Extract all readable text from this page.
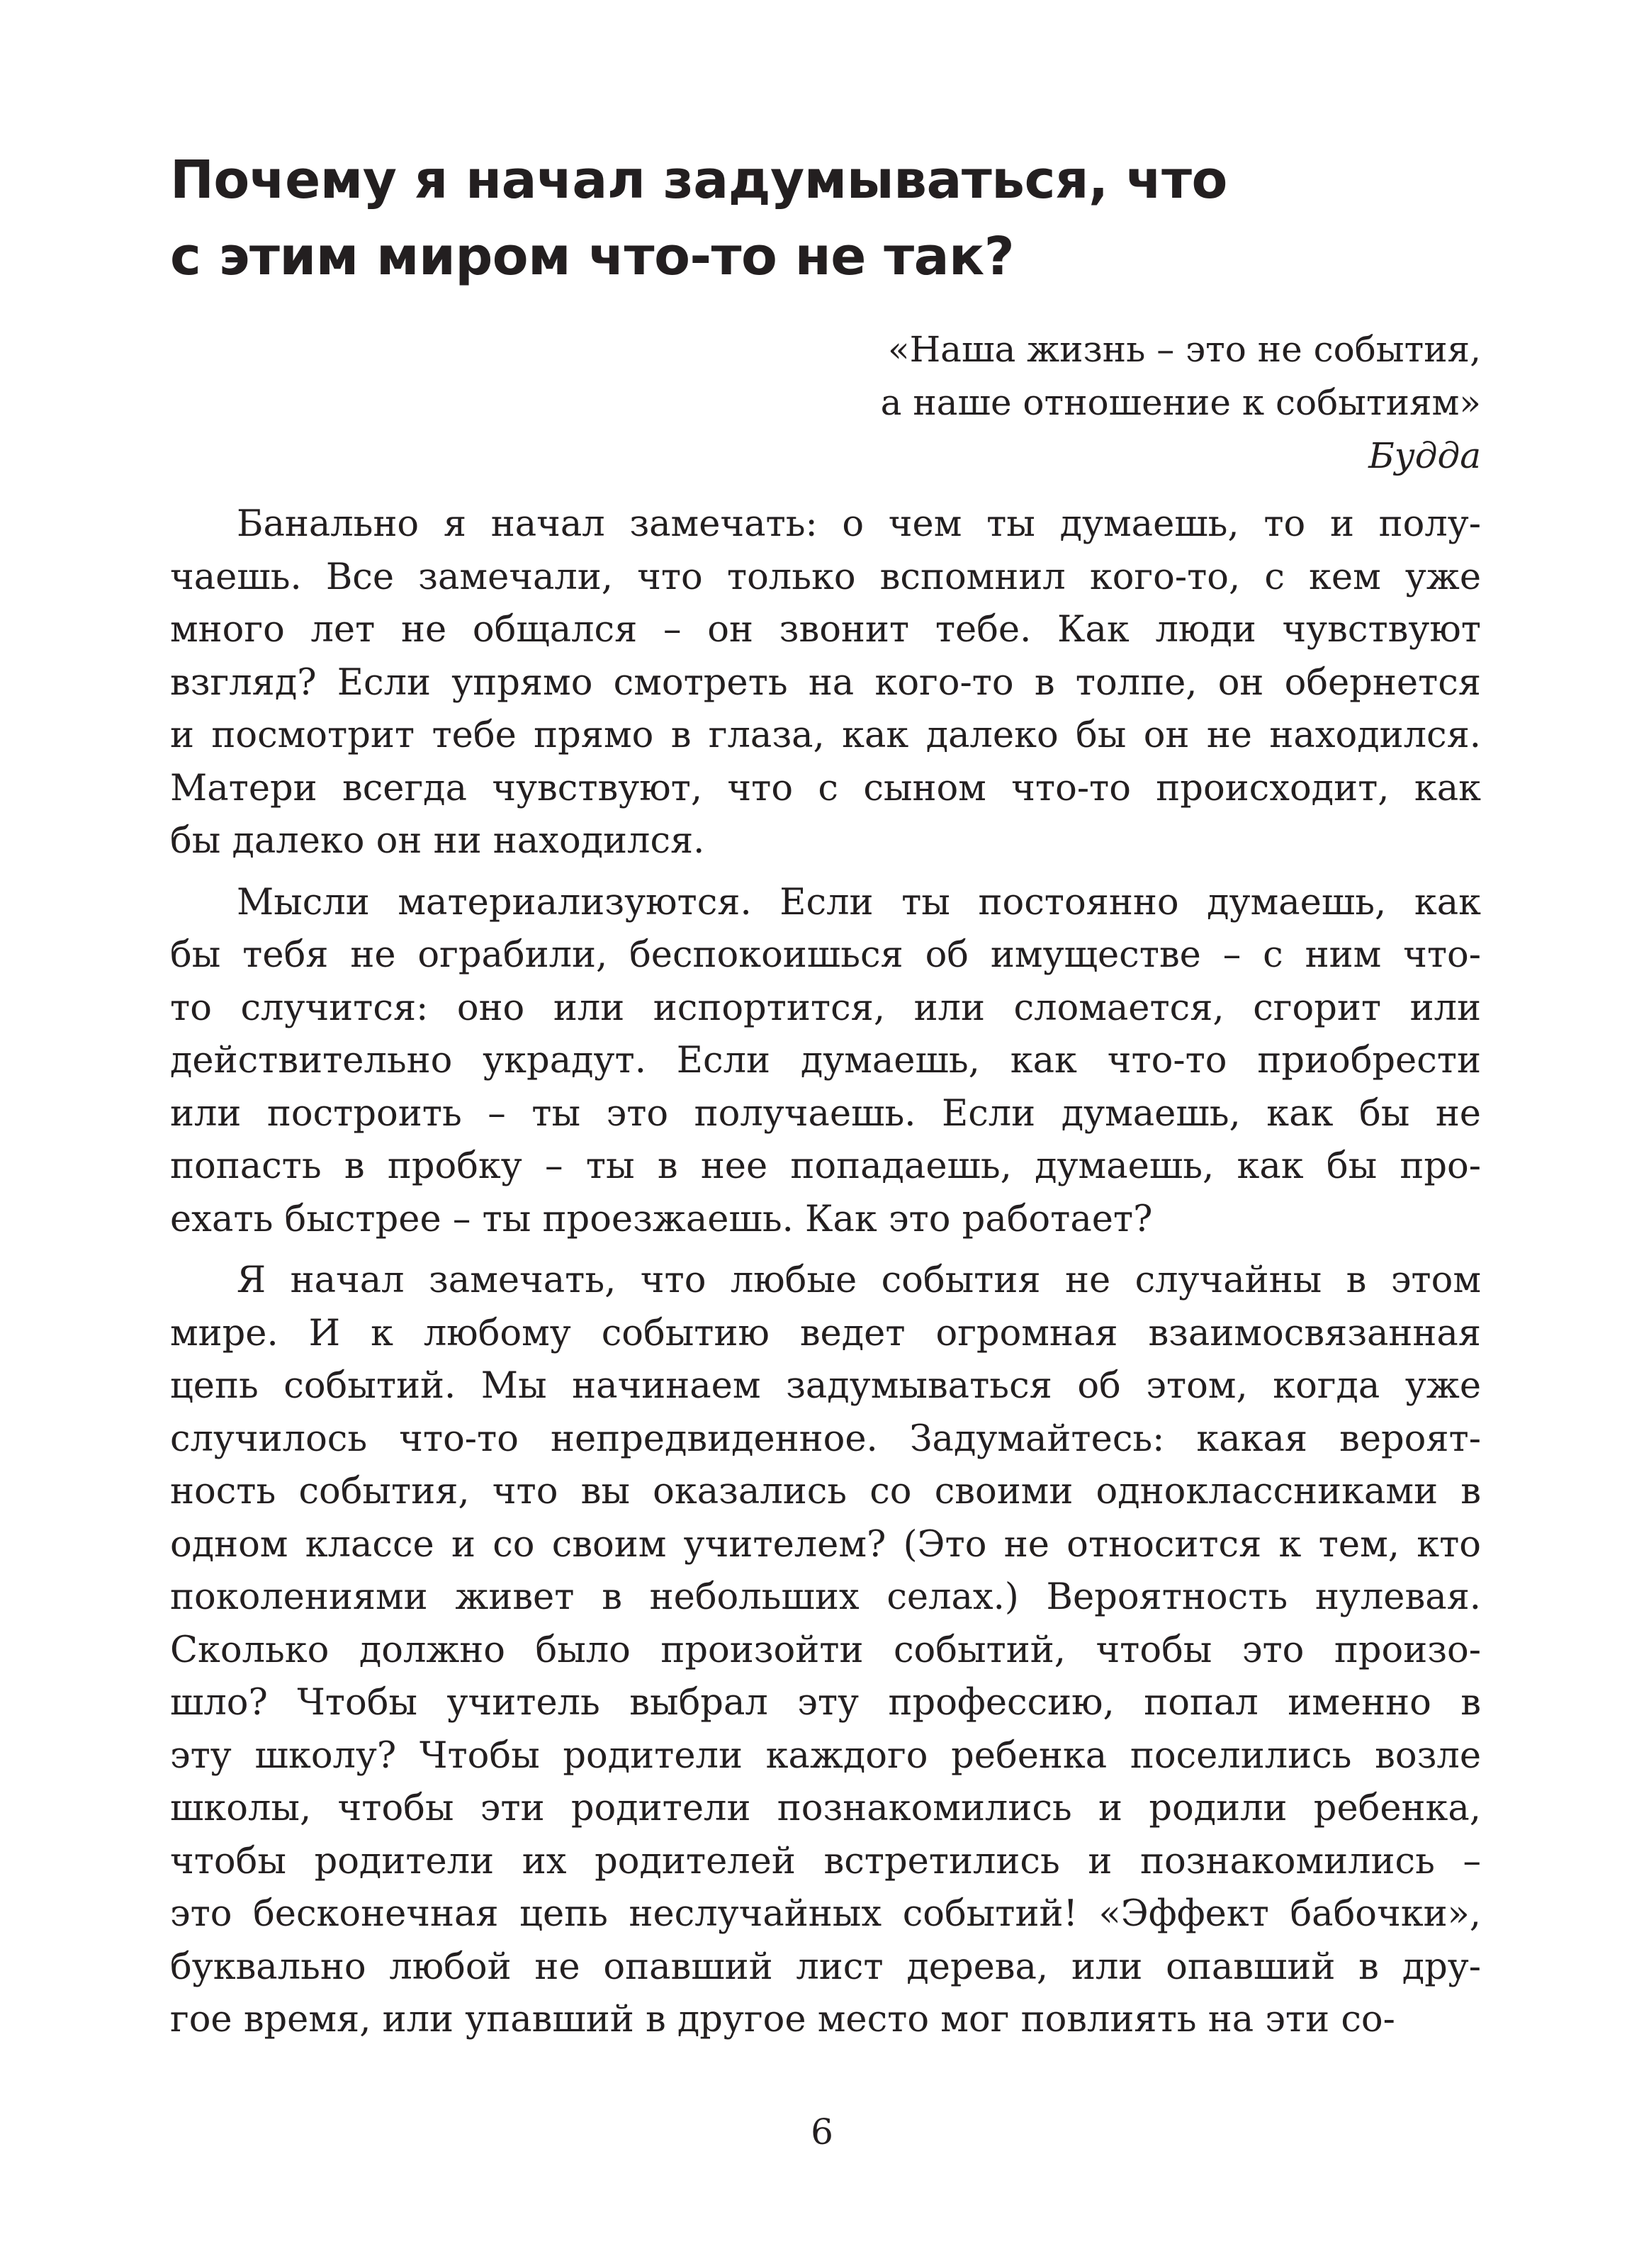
Почему я начал задумываться, что
с этим миром что-то не так?
«Наша жизнь – это не события,
а наше отношение к событиям»
Будда
Банально я начал замечать: о чем ты думаешь, то и полу-
чаешь. Все замечали, что только вспомнил кого-то, с кем уже
много лет не общался – он звонит тебе. Как люди чувствуют
взгляд? Если упрямо смотреть на кого-то в толпе, он обернется
и посмотрит тебе прямо в глаза, как далеко бы он не находился.
Матери всегда чувствуют, что с сыном что-то происходит, как
бы далеко он ни находился.
Мысли материализуются. Если ты постоянно думаешь, как
бы тебя не ограбили, беспокоишься об имуществе – с ним что-
то случится: оно или испортится, или сломается, сгорит или
действительно украдут. Если думаешь, как что-то приобрести
или построить – ты это получаешь. Если думаешь, как бы не
попасть в пробку – ты в нее попадаешь, думаешь, как бы про-
ехать быстрее – ты проезжаешь. Как это работает?
Я начал замечать, что любые события не случайны в этом
мире. И к любому событию ведет огромная взаимосвязанная
цепь событий. Мы начинаем задумываться об этом, когда уже
случилось что-то непредвиденное. Задумайтесь: какая вероят-
ность события, что вы оказались со своими одноклассниками в
одном классе и со своим учителем? (Это не относится к тем, кто
поколениями живет в небольших селах.) Вероятность нулевая.
Сколько должно было произойти событий, чтобы это произо-
шло? Чтобы учитель выбрал эту профессию, попал именно в
эту школу? Чтобы родители каждого ребенка поселились возле
школы, чтобы эти родители познакомились и родили ребенка,
чтобы родители их родителей встретились и познакомились –
это бесконечная цепь неслучайных событий! «Эффект бабочки»,
буквально любой не опавший лист дерева, или опавший в дру-
гое время, или упавший в другое место мог повлиять на эти со-
6
